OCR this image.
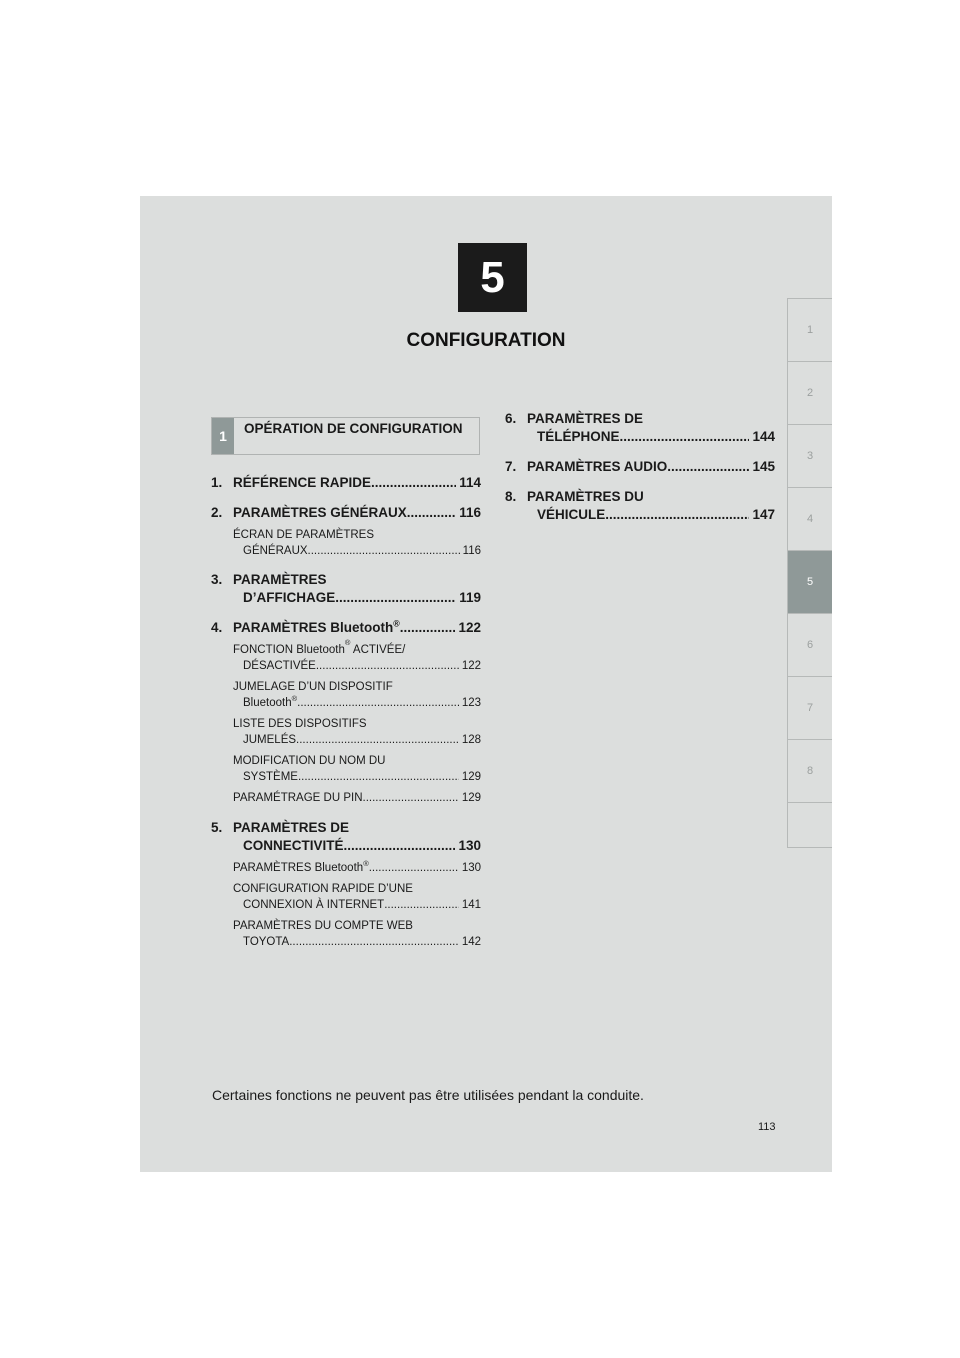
5
CONFIGURATION	1
2
3
4
5
6
7
8
1	OPÉRATION DE CONFIGURATION
1. RÉFÉRENCE RAPIDE .....	114
2. PARAMÈTRES GÉNÉRAUX .....	116
ÉCRAN DE PARAMÈTRES
GÉNÉRAUX .....	116
3. PARAMÈTRES
D’AFFICHAGE .....	119
4. PARAMÈTRES Bluetooth® .....	122
FONCTION Bluetooth
®
ACTIVÉE/
DÉSACTIVÉE .....	122
JUMELAGE D’UN DISPOSITIF
Bluetooth® .....	123
LISTE DES DISPOSITIFS
JUMELÉS .....	128
MODIFICATION DU NOM DU
SYSTÈME .....	129
PARAMÉTRAGE DU PIN .....	129
5. PARAMÈTRES DE
CONNECTIVITÉ .....	130
PARAMÈTRES Bluetooth® .....	130
CONFIGURATION RAPIDE D’UNE
CONNEXION À INTERNET .....	141
PARAMÈTRES DU COMPTE WEB
TOYOTA .....	142
6. PARAMÈTRES DE
TÉLÉPHONE .....	144
7. PARAMÈTRES AUDIO .....	145
8. PARAMÈTRES DU
VÉHICULE .....	147
Certaines fonctions ne peuvent pas être utilisées pendant la conduite.
113
